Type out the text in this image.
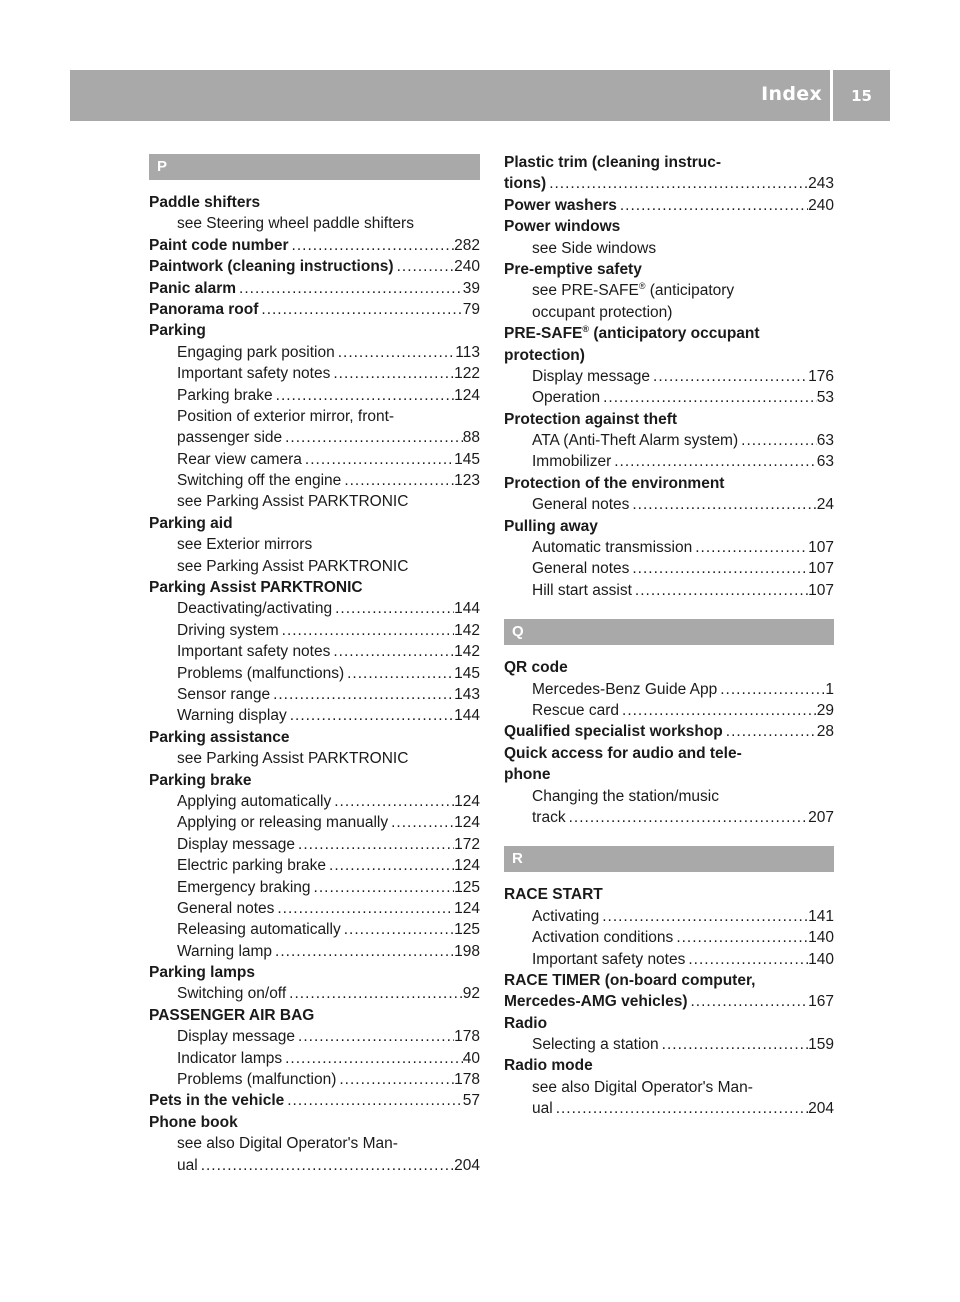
Index 15
P
Paddle shifters
see Steering wheel paddle shifters
Paint code number .....	282
Paintwork (cleaning instructions) .....	240
Panic alarm .....	39
Panorama roof .....	79
Parking
Engaging park position .....	113
Important safety notes .....	122
Parking brake .....	124
Position of exterior mirror, front-
passenger side .....	88
Rear view camera .....	145
Switching off the engine .....	123
see Parking Assist PARKTRONIC
Parking aid
see Exterior mirrors
see Parking Assist PARKTRONIC
Parking Assist PARKTRONIC
Deactivating/activating .....	144
Driving system .....	142
Important safety notes .....	142
Problems (malfunctions) .....	145
Sensor range .....	143
Warning display .....	144
Parking assistance
see Parking Assist PARKTRONIC
Parking brake
Applying automatically .....	124
Applying or releasing manually .....	124
Display message .....	172
Electric parking brake .....	124
Emergency braking .....	125
General notes .....	124
Releasing automatically .....	125
Warning lamp .....	198
Parking lamps
Switching on/off .....	92
PASSENGER AIR BAG
Display message .....	178
Indicator lamps .....	40
Problems (malfunction) .....	178
Pets in the vehicle .....	57
Phone book
see also Digital Operator's Man-
ual .....	204
Plastic trim (cleaning instruc-
tions) .....	243
Power washers .....	240
Power windows
see Side windows
Pre-emptive safety
see PRE-SAFE® (anticipatory
occupant protection)
PRE-SAFE® (anticipatory occupant
protection)
Display message .....	176
Operation .....	53
Protection against theft
ATA (Anti-Theft Alarm system) .....	63
Immobilizer .....	63
Protection of the environment
General notes .....	24
Pulling away
Automatic transmission .....	107
General notes .....	107
Hill start assist .....	107
Q
QR code
Mercedes-Benz Guide App .....	1
Rescue card .....	29
Qualified specialist workshop .....	28
Quick access for audio and tele-
phone
Changing the station/music
track .....	207
R
RACE START
Activating .....	141
Activation conditions .....	140
Important safety notes .....	140
RACE TIMER (on-board computer,
Mercedes-AMG vehicles) .....	167
Radio
Selecting a station .....	159
Radio mode
see also Digital Operator's Man-
ual .....	204
